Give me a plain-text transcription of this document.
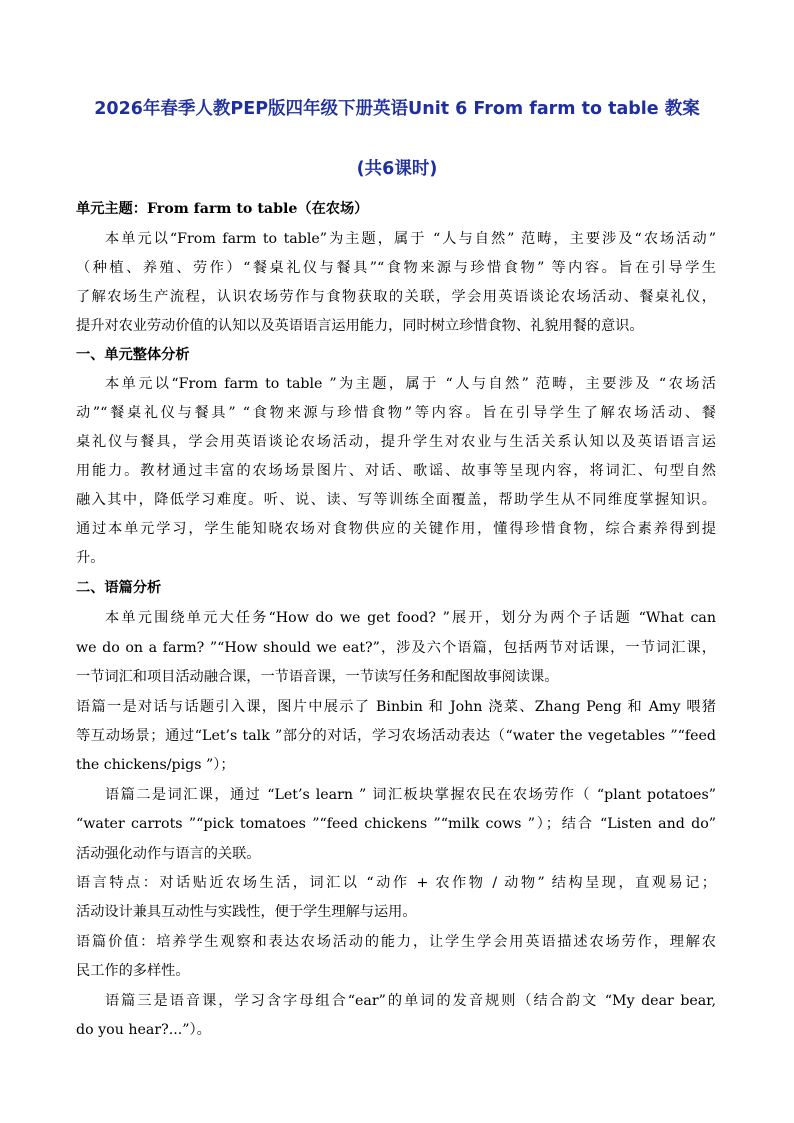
2026年春季人教PEP版四年级下册英语Unit 6 From farm to table 教案
(共6课时)
单元主题：From farm to table（在农场）
本单元以“From farm to table”为主题，属于 “人与自然” 范畴，主要涉及“农场活动”
（种植、养殖、劳作）“餐桌礼仪与餐具”“食物来源与珍惜食物” 等内容。旨在引导学生
了解农场生产流程，认识农场劳作与食物获取的关联，学会用英语谈论农场活动、餐桌礼仪，
提升对农业劳动价值的认知以及英语语言运用能力，同时树立珍惜食物、礼貌用餐的意识。
一、单元整体分析
本单元以“From farm to table ”为主题，属于 “人与自然” 范畴，主要涉及 “农场活
动”“餐桌礼仪与餐具” “食物来源与珍惜食物”等内容。旨在引导学生了解农场活动、餐
桌礼仪与餐具，学会用英语谈论农场活动，提升学生对农业与生活关系认知以及英语语言运
用能力。教材通过丰富的农场场景图片、对话、歌谣、故事等呈现内容，将词汇、句型自然
融入其中，降低学习难度。听、说、读、写等训练全面覆盖，帮助学生从不同维度掌握知识。
通过本单元学习，学生能知晓农场对食物供应的关键作用，懂得珍惜食物，综合素养得到提
升。
二、语篇分析
本单元围绕单元大任务“How do we get food? ”展开，划分为两个子话题 “What can
we do on a farm? ”“How should we eat?”，涉及六个语篇，包括两节对话课，一节词汇课，
一节词汇和项目活动融合课，一节语音课，一节读写任务和配图故事阅读课。
语篇一是对话与话题引入课，图片中展示了 Binbin 和 John 浇菜、Zhang Peng 和 Amy 喂猪
等互动场景；通过“Let’s talk ”部分的对话，学习农场活动表达（“water the vegetables ”“feed
the chickens/pigs ”）；
语篇二是词汇课，通过 “Let’s learn ” 词汇板块掌握农民在农场劳作（ “plant potatoes”
“water carrots ”“pick tomatoes ”“feed chickens ”“milk cows ”）；结合 “Listen and do”
活动强化动作与语言的关联。
语言特点：对话贴近农场生活，词汇以 “动作 + 农作物 / 动物” 结构呈现，直观易记；
活动设计兼具互动性与实践性，便于学生理解与运用。
语篇价值：培养学生观察和表达农场活动的能力，让学生学会用英语描述农场劳作，理解农
民工作的多样性。
语篇三是语音课，学习含字母组合“ear”的单词的发音规则（结合韵文 “My dear bear,
do you hear?...”）。
